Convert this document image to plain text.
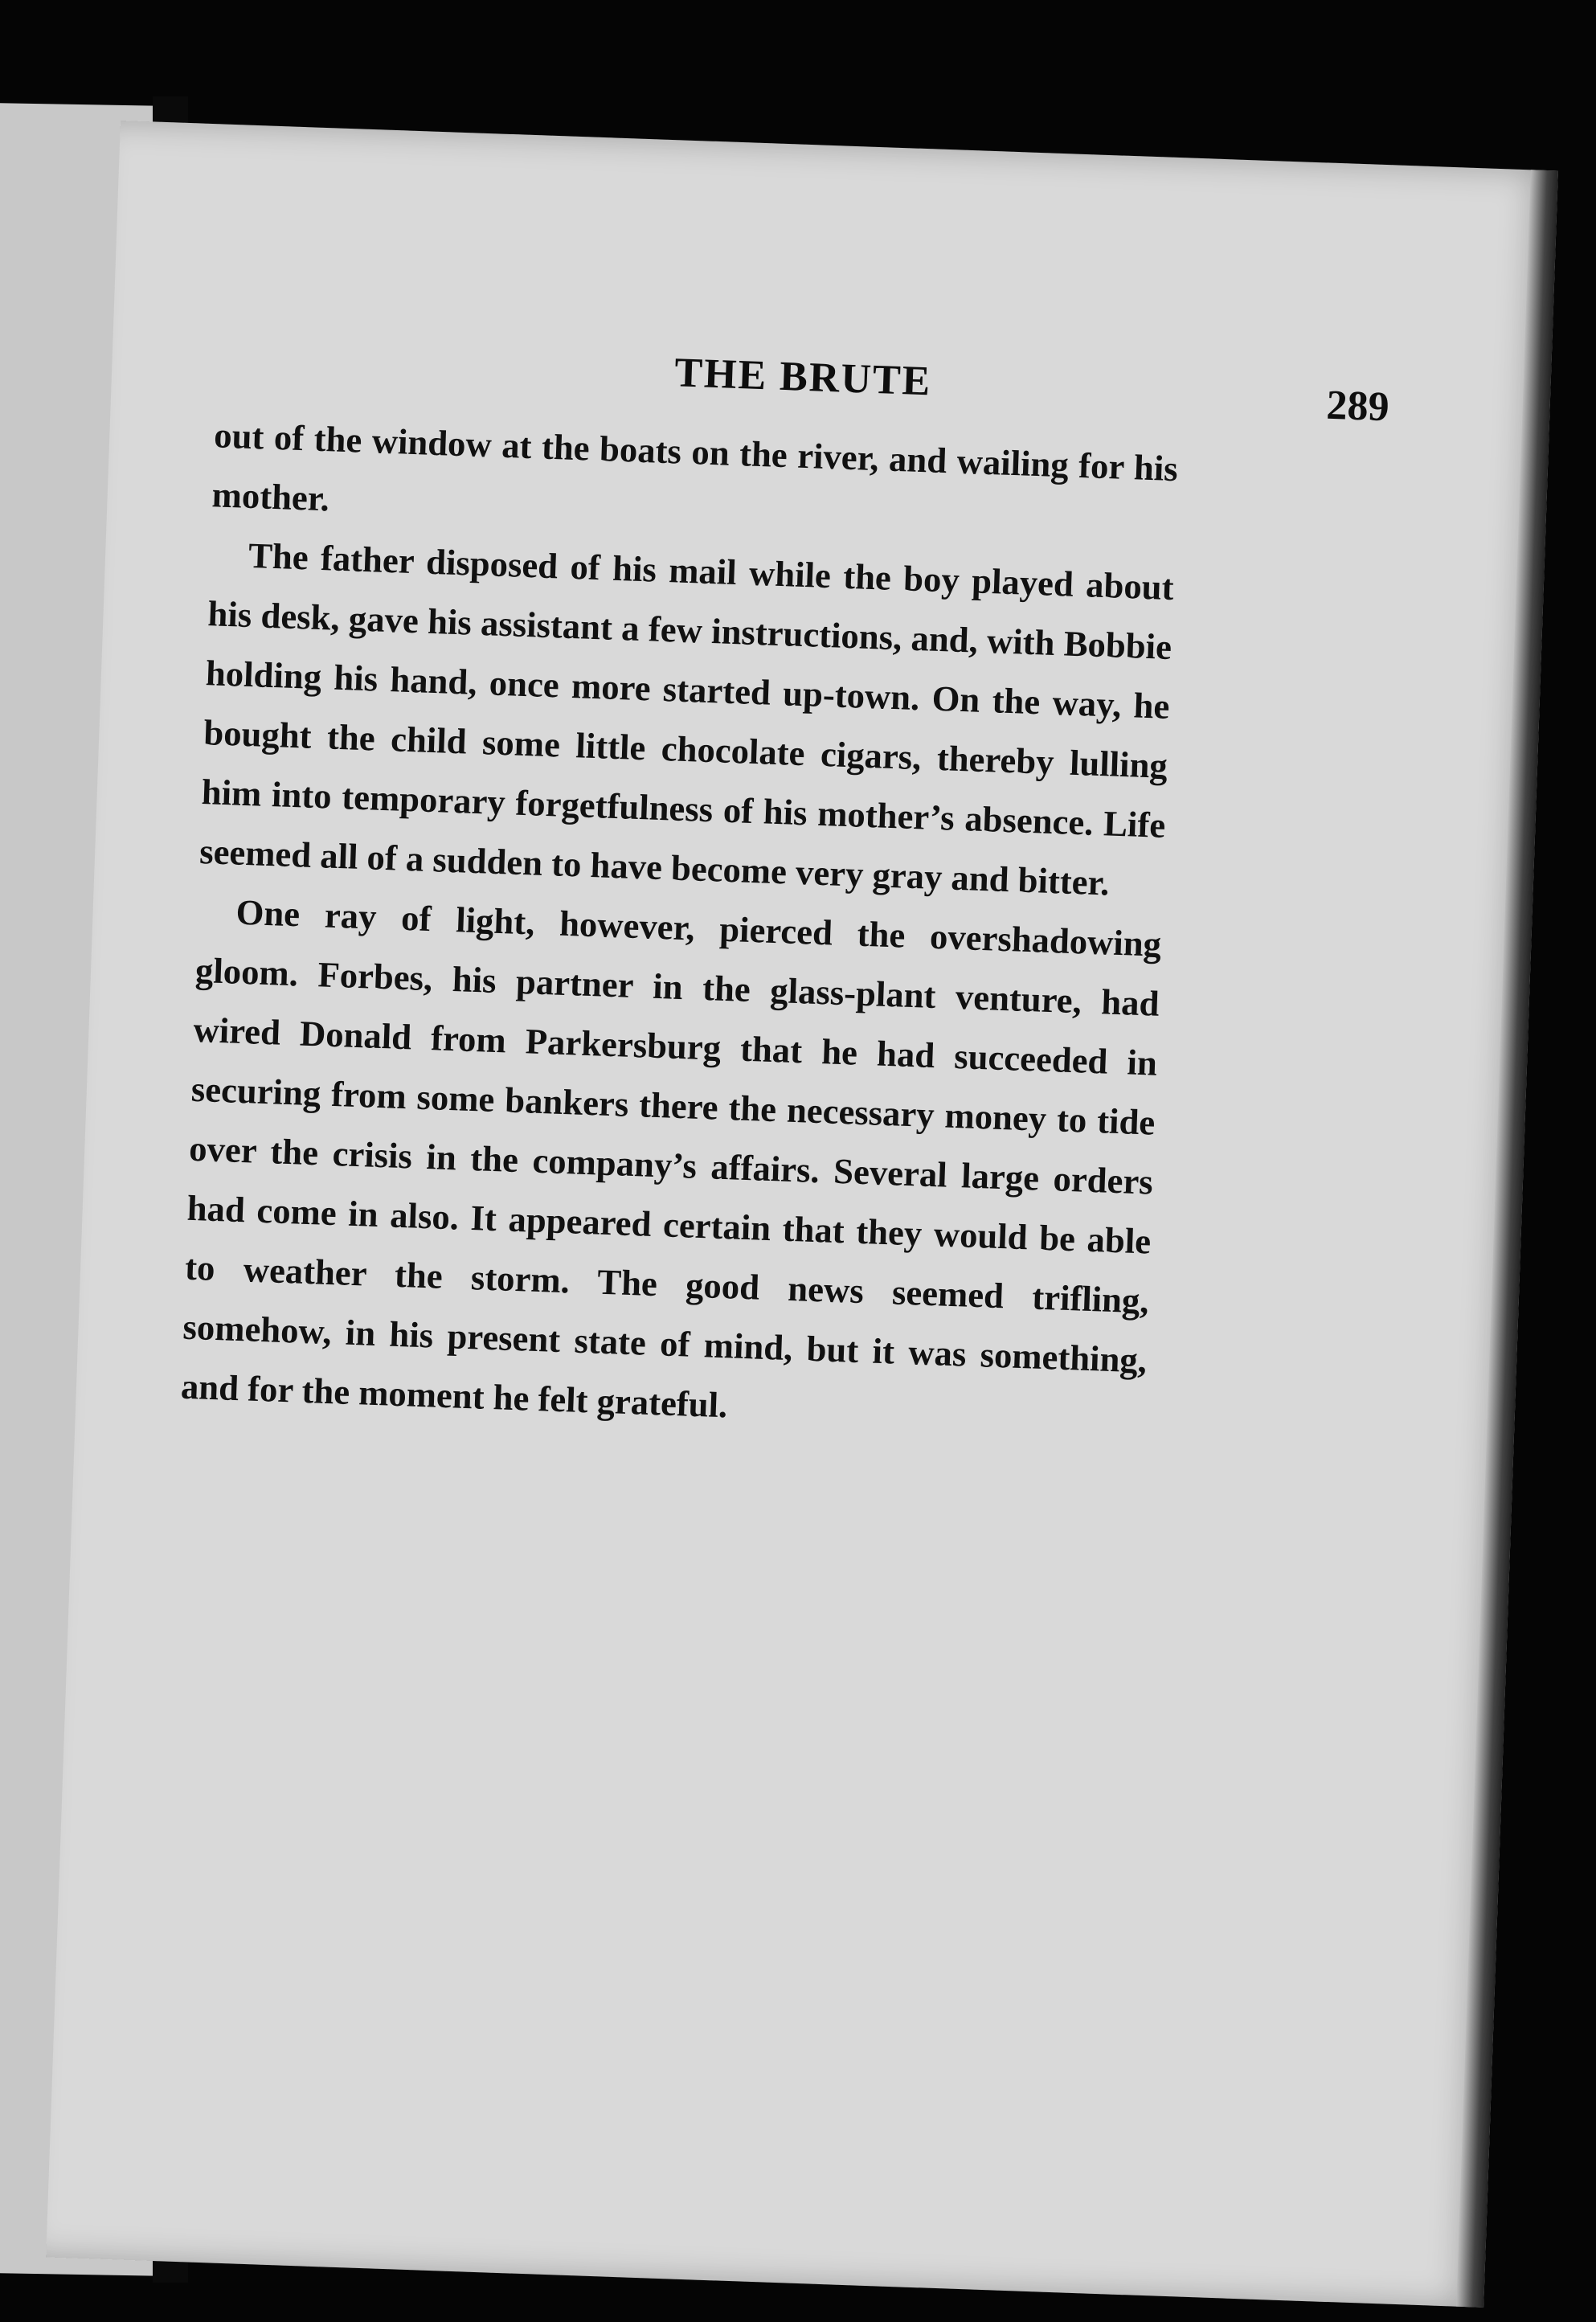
THE BRUTE
289

out of the window at the boats on the river, and wailing for his mother.

The father disposed of his mail while the boy played about his desk, gave his assistant a few instructions, and, with Bobbie holding his hand, once more started up-town. On the way, he bought the child some little chocolate cigars, thereby lulling him into temporary forgetfulness of his mother’s absence. Life seemed all of a sudden to have become very gray and bitter.

One ray of light, however, pierced the overshadowing gloom. Forbes, his partner in the glass-plant venture, had wired Donald from Parkersburg that he had succeeded in securing from some bankers there the necessary money to tide over the crisis in the company’s affairs. Several large orders had come in also. It appeared certain that they would be able to weather the storm. The good news seemed trifling, somehow, in his present state of mind, but it was something, and for the moment he felt grateful.
